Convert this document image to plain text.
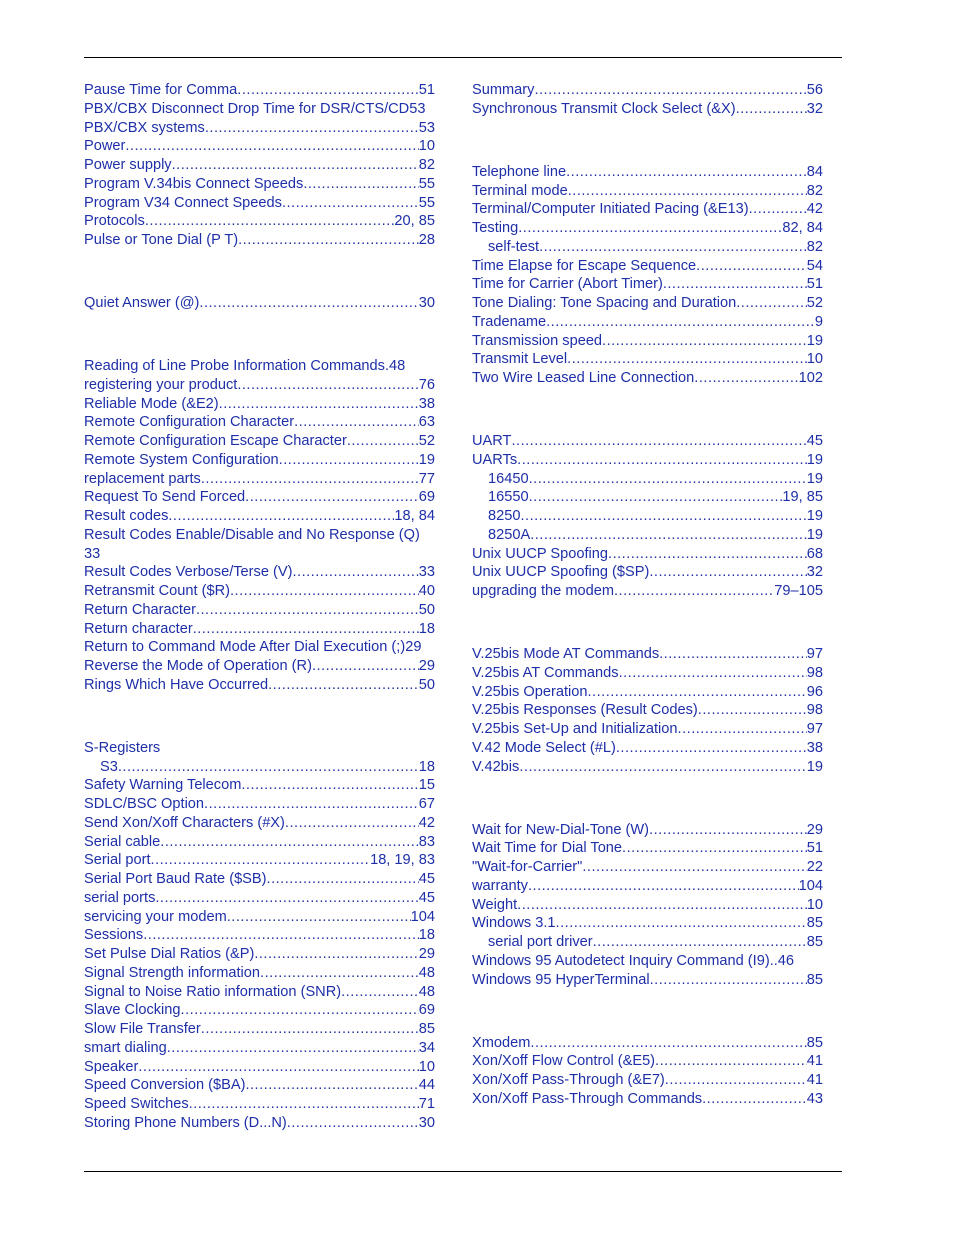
Pause Time for Comma .....	51
PBX/CBX Disconnect Drop Time for DSR/CTS/CD 53
PBX/CBX systems .....	53
Power .....	10
Power supply .....	82
Program V.34bis Connect Speeds .....	55
Program V34 Connect Speeds .....	55
Protocols .....	20, 85
Pulse or Tone Dial (P T) .....	28
Quiet Answer (@) .....	30
Reading of Line Probe Information Commands .48
registering your product .....	76
Reliable Mode (&E2) .....	38
Remote Configuration Character .....	63
Remote Configuration Escape Character .....	52
Remote System Configuration .....	19
replacement parts .....	77
Request To Send Forced .....	69
Result codes .....	18, 84
Result Codes Enable/Disable and No Response (Q)
33
Result Codes Verbose/Terse (V) .....	33
Retransmit Count ($R) .....	40
Return Character .....	50
Return character .....	18
Return to Command Mode After Dial Execution (;) 29
Reverse the Mode of Operation (R) .....	29
Rings Which Have Occurred .....	50
S-Registers
S3 .....	18
Safety Warning Telecom .....	15
SDLC/BSC Option .....	67
Send Xon/Xoff Characters (#X) .....	42
Serial cable .....	83
Serial port .....	18, 19, 83
Serial Port Baud Rate ($SB) .....	45
serial ports .....	45
servicing your modem .....	104
Sessions .....	18
Set Pulse Dial Ratios (&P) .....	29
Signal Strength information .....	48
Signal to Noise Ratio information (SNR) .....	48
Slave Clocking .....	69
Slow File Transfer .....	85
smart dialing .....	34
Speaker .....	10
Speed Conversion ($BA) .....	44
Speed Switches .....	71
Storing Phone Numbers (D...N) .....	30
Summary .....	56
Synchronous Transmit Clock Select (&X) .....	32
Telephone line .....	84
Terminal mode .....	82
Terminal/Computer Initiated Pacing (&E13) .....	42
Testing .....	82, 84
self-test .....	82
Time Elapse for Escape Sequence .....	54
Time for Carrier (Abort Timer) .....	51
Tone Dialing: Tone Spacing and Duration .....	52
Tradename .....	9
Transmission speed .....	19
Transmit Level .....	10
Two Wire Leased Line Connection .....	102
UART .....	45
UARTs .....	19
16450 .....	19
16550 .....	19, 85
8250 .....	19
8250A .....	19
Unix UUCP Spoofing .....	68
Unix UUCP Spoofing ($SP) .....	32
upgrading the modem .....	79–105
V.25bis Mode AT Commands .....	97
V.25bis AT Commands .....	98
V.25bis Operation .....	96
V.25bis Responses (Result Codes) .....	98
V.25bis Set-Up and Initialization .....	97
V.42 Mode Select (#L) .....	38
V.42bis .....	19
Wait for New-Dial-Tone (W) .....	29
Wait Time for Dial Tone .....	51
"Wait-for-Carrier" .....	22
warranty .....	104
Weight .....	10
Windows 3.1 .....	85
serial port driver .....	85
Windows 95 Autodetect Inquiry Command (I9) ..46
Windows 95 HyperTerminal .....	85
Xmodem .....	85
Xon/Xoff Flow Control (&E5) .....	41
Xon/Xoff Pass-Through (&E7) .....	41
Xon/Xoff Pass-Through Commands .....	43
